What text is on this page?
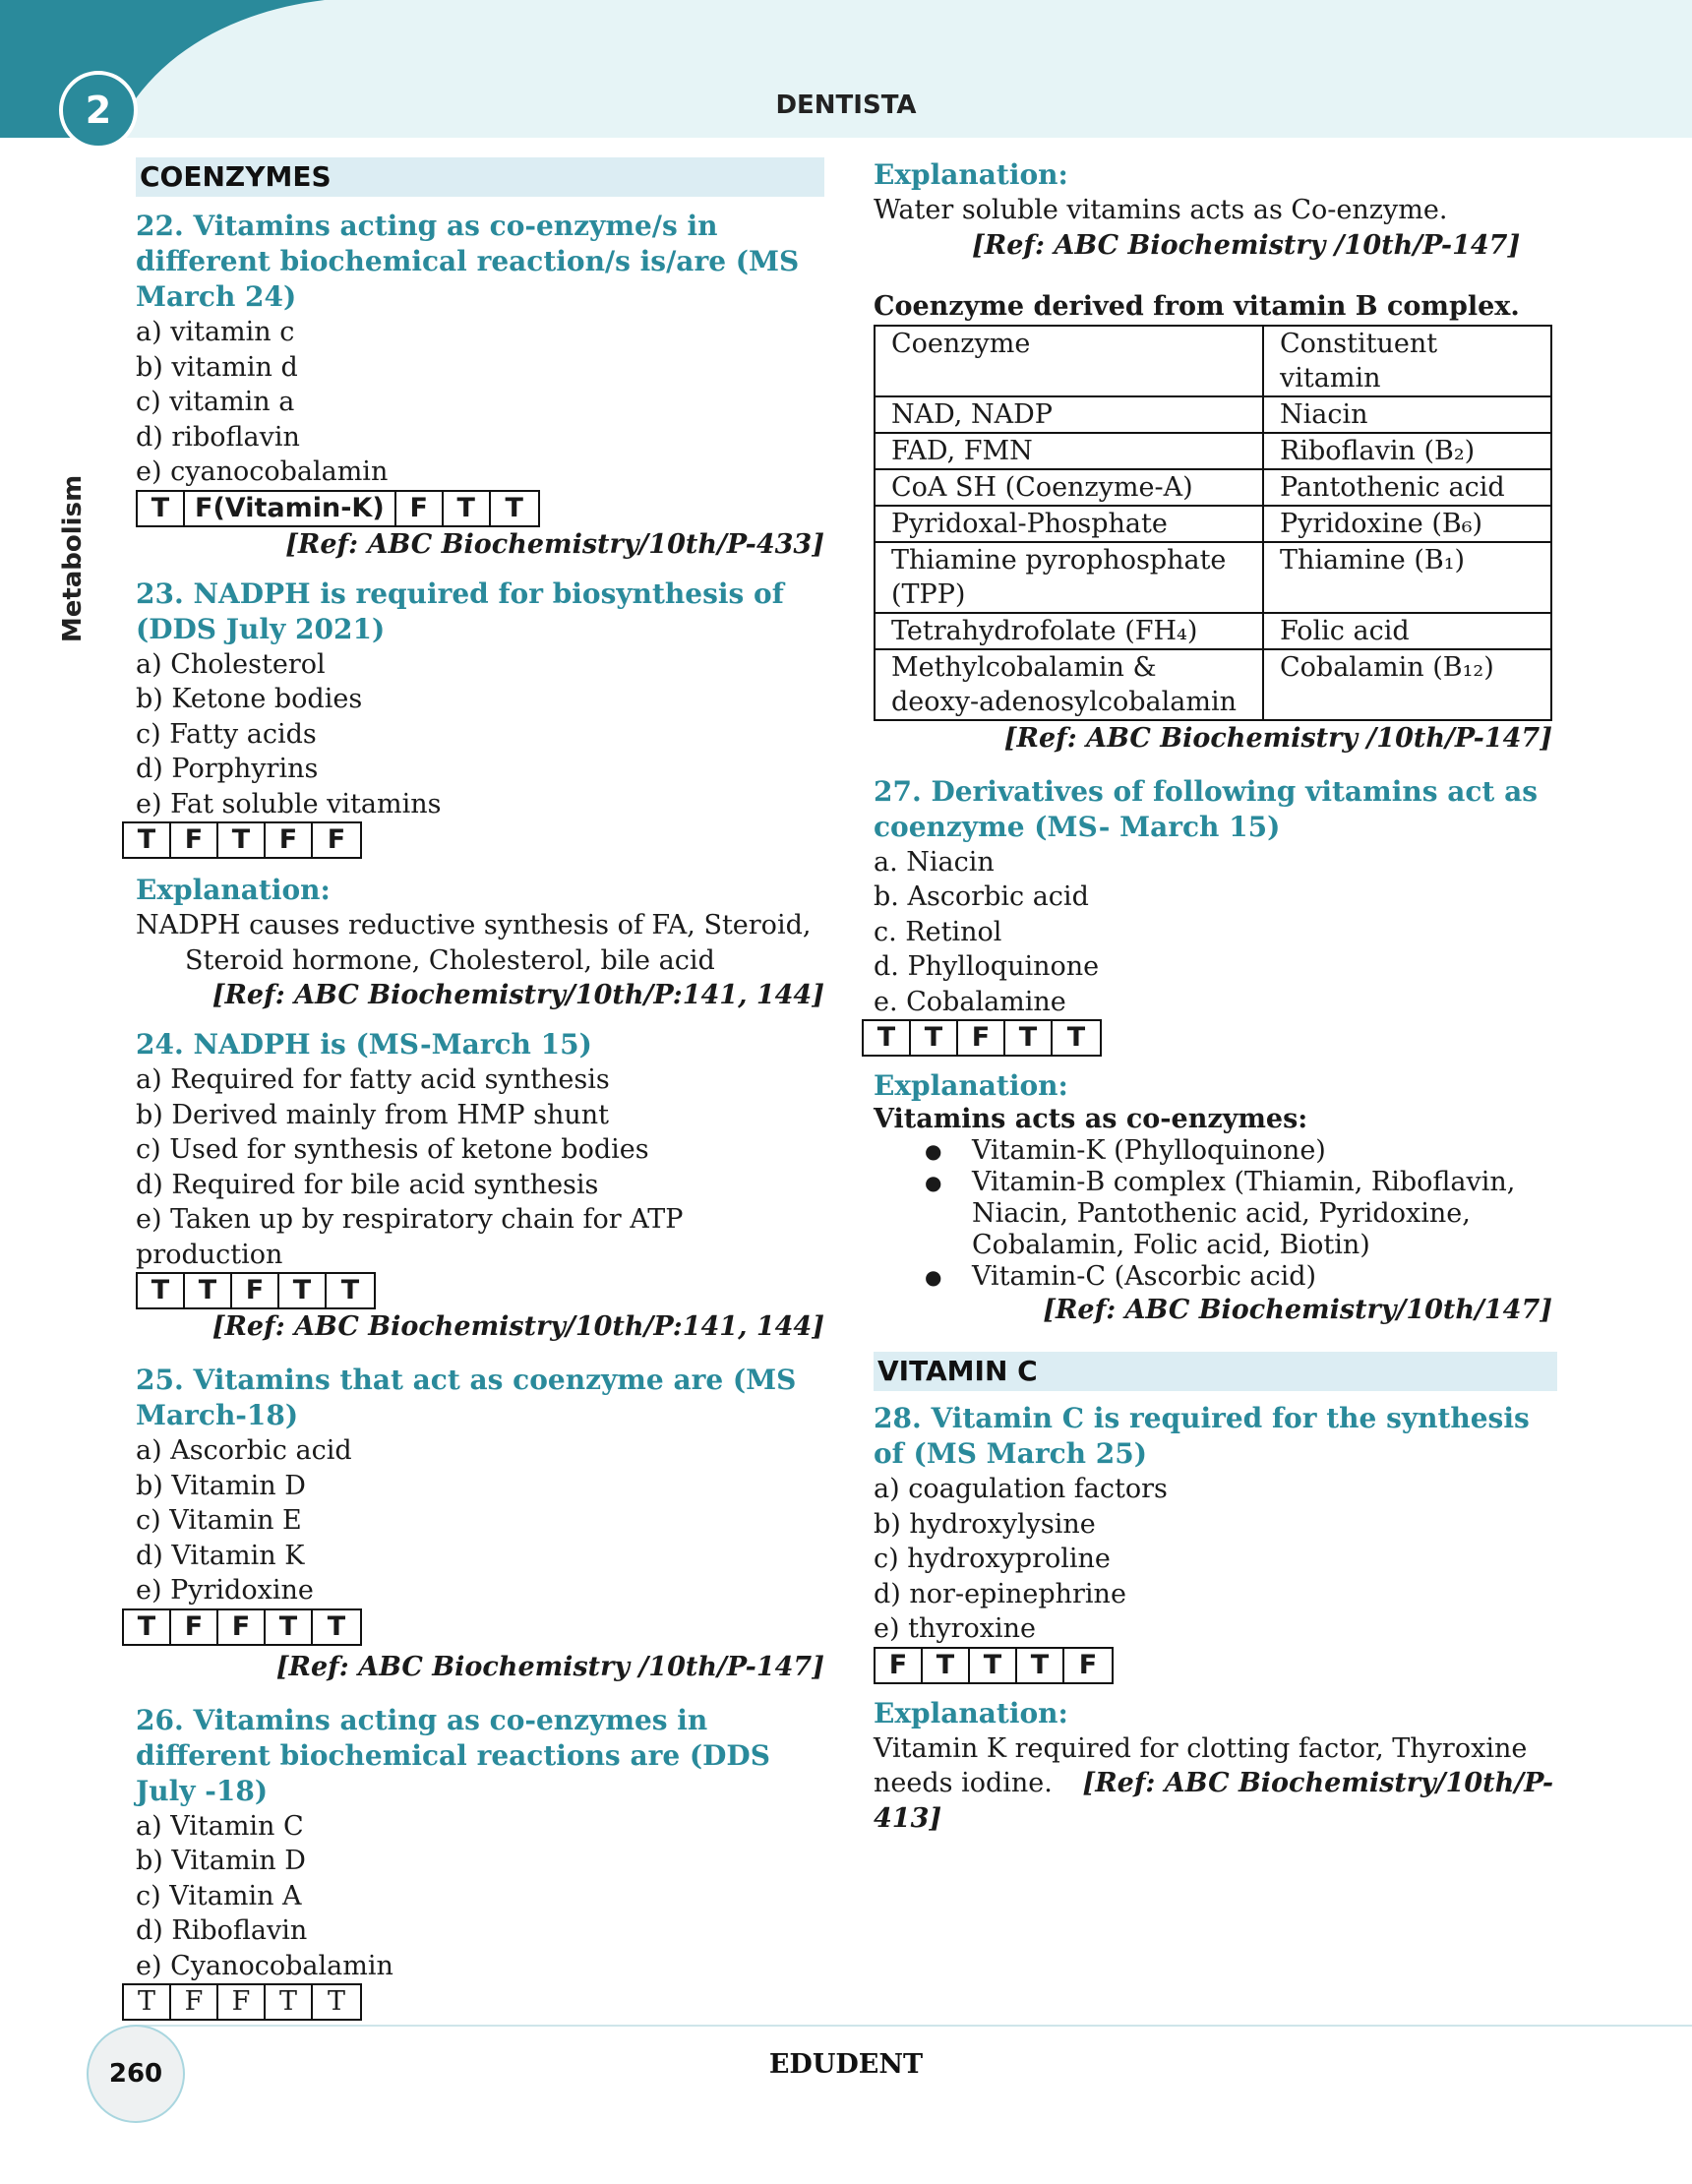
2	DENTISTA
Metabolism
COENZYMES
22. Vitamins acting as co-enzyme/s in different biochemical reaction/s is/are (MS March 24)
a) vitamin c
b) vitamin d
c) vitamin a
d) riboflavin
e) cyanocobalamin
T F(Vitamin-K) F	T	T
[Ref: ABC Biochemistry/10th/P-433]
23. NADPH is required for biosynthesis of (DDS July 2021)
a) Cholesterol
b) Ketone bodies
c) Fatty acids
d) Porphyrins
e) Fat soluble vitamins
T	F	T	F	F
Explanation:
NADPH causes reductive synthesis of FA, Steroid,
Steroid hormone, Cholesterol, bile acid
[Ref: ABC Biochemistry/10th/P:141, 144]
24. NADPH is (MS-March 15)
a) Required for fatty acid synthesis
b) Derived mainly from HMP shunt
c) Used for synthesis of ketone bodies
d) Required for bile acid synthesis
e) Taken up by respiratory chain for ATP production
T	T	F	T	T
[Ref: ABC Biochemistry/10th/P:141, 144]
25. Vitamins that act as coenzyme are (MS March-18)
a) Ascorbic acid
b) Vitamin D
c) Vitamin E
d) Vitamin K
e) Pyridoxine
T	F	F	T	T
[Ref: ABC Biochemistry /10th/P-147]
26. Vitamins acting as co-enzymes in different biochemical reactions are (DDS July -18)
a) Vitamin C
b) Vitamin D
c) Vitamin A
d) Riboflavin
e) Cyanocobalamin
T	F	F	T	T
Explanation:
Water soluble vitamins acts as Co-enzyme.
[Ref: ABC Biochemistry /10th/P-147]
Coenzyme derived from vitamin B complex.
Coenzyme	Constituent vitamin
NAD, NADP	Niacin
FAD, FMN	Riboflavin (B₂)
CoA SH (Coenzyme-A)	Pantothenic acid
Pyridoxal-Phosphate	Pyridoxine (B₆)
Thiamine pyrophosphate (TPP)	Thiamine (B₁)
Tetrahydrofolate (FH₄)	Folic acid
Methylcobalamin & deoxy-adenosylcobalamin	Cobalamin (B₁₂)
[Ref: ABC Biochemistry /10th/P-147]
27. Derivatives of following vitamins act as coenzyme (MS- March 15)
a. Niacin
b. Ascorbic acid
c. Retinol
d. Phylloquinone
e. Cobalamine
T	T	F	T	T
Explanation:
Vitamins acts as co-enzymes:
● Vitamin-K (Phylloquinone)
● Vitamin-B complex (Thiamin, Riboflavin, Niacin, Pantothenic acid, Pyridoxine, Cobalamin, Folic acid, Biotin)
● Vitamin-C (Ascorbic acid)
[Ref: ABC Biochemistry/10th/147]
VITAMIN C
28. Vitamin C is required for the synthesis of (MS March 25)
a) coagulation factors
b) hydroxylysine
c) hydroxyproline
d) nor-epinephrine
e) thyroxine
F	T	T	T	F
Explanation:
Vitamin K required for clotting factor, Thyroxine
needs iodine. [Ref: ABC Biochemistry/10th/P-413]
260	EDUDENT
